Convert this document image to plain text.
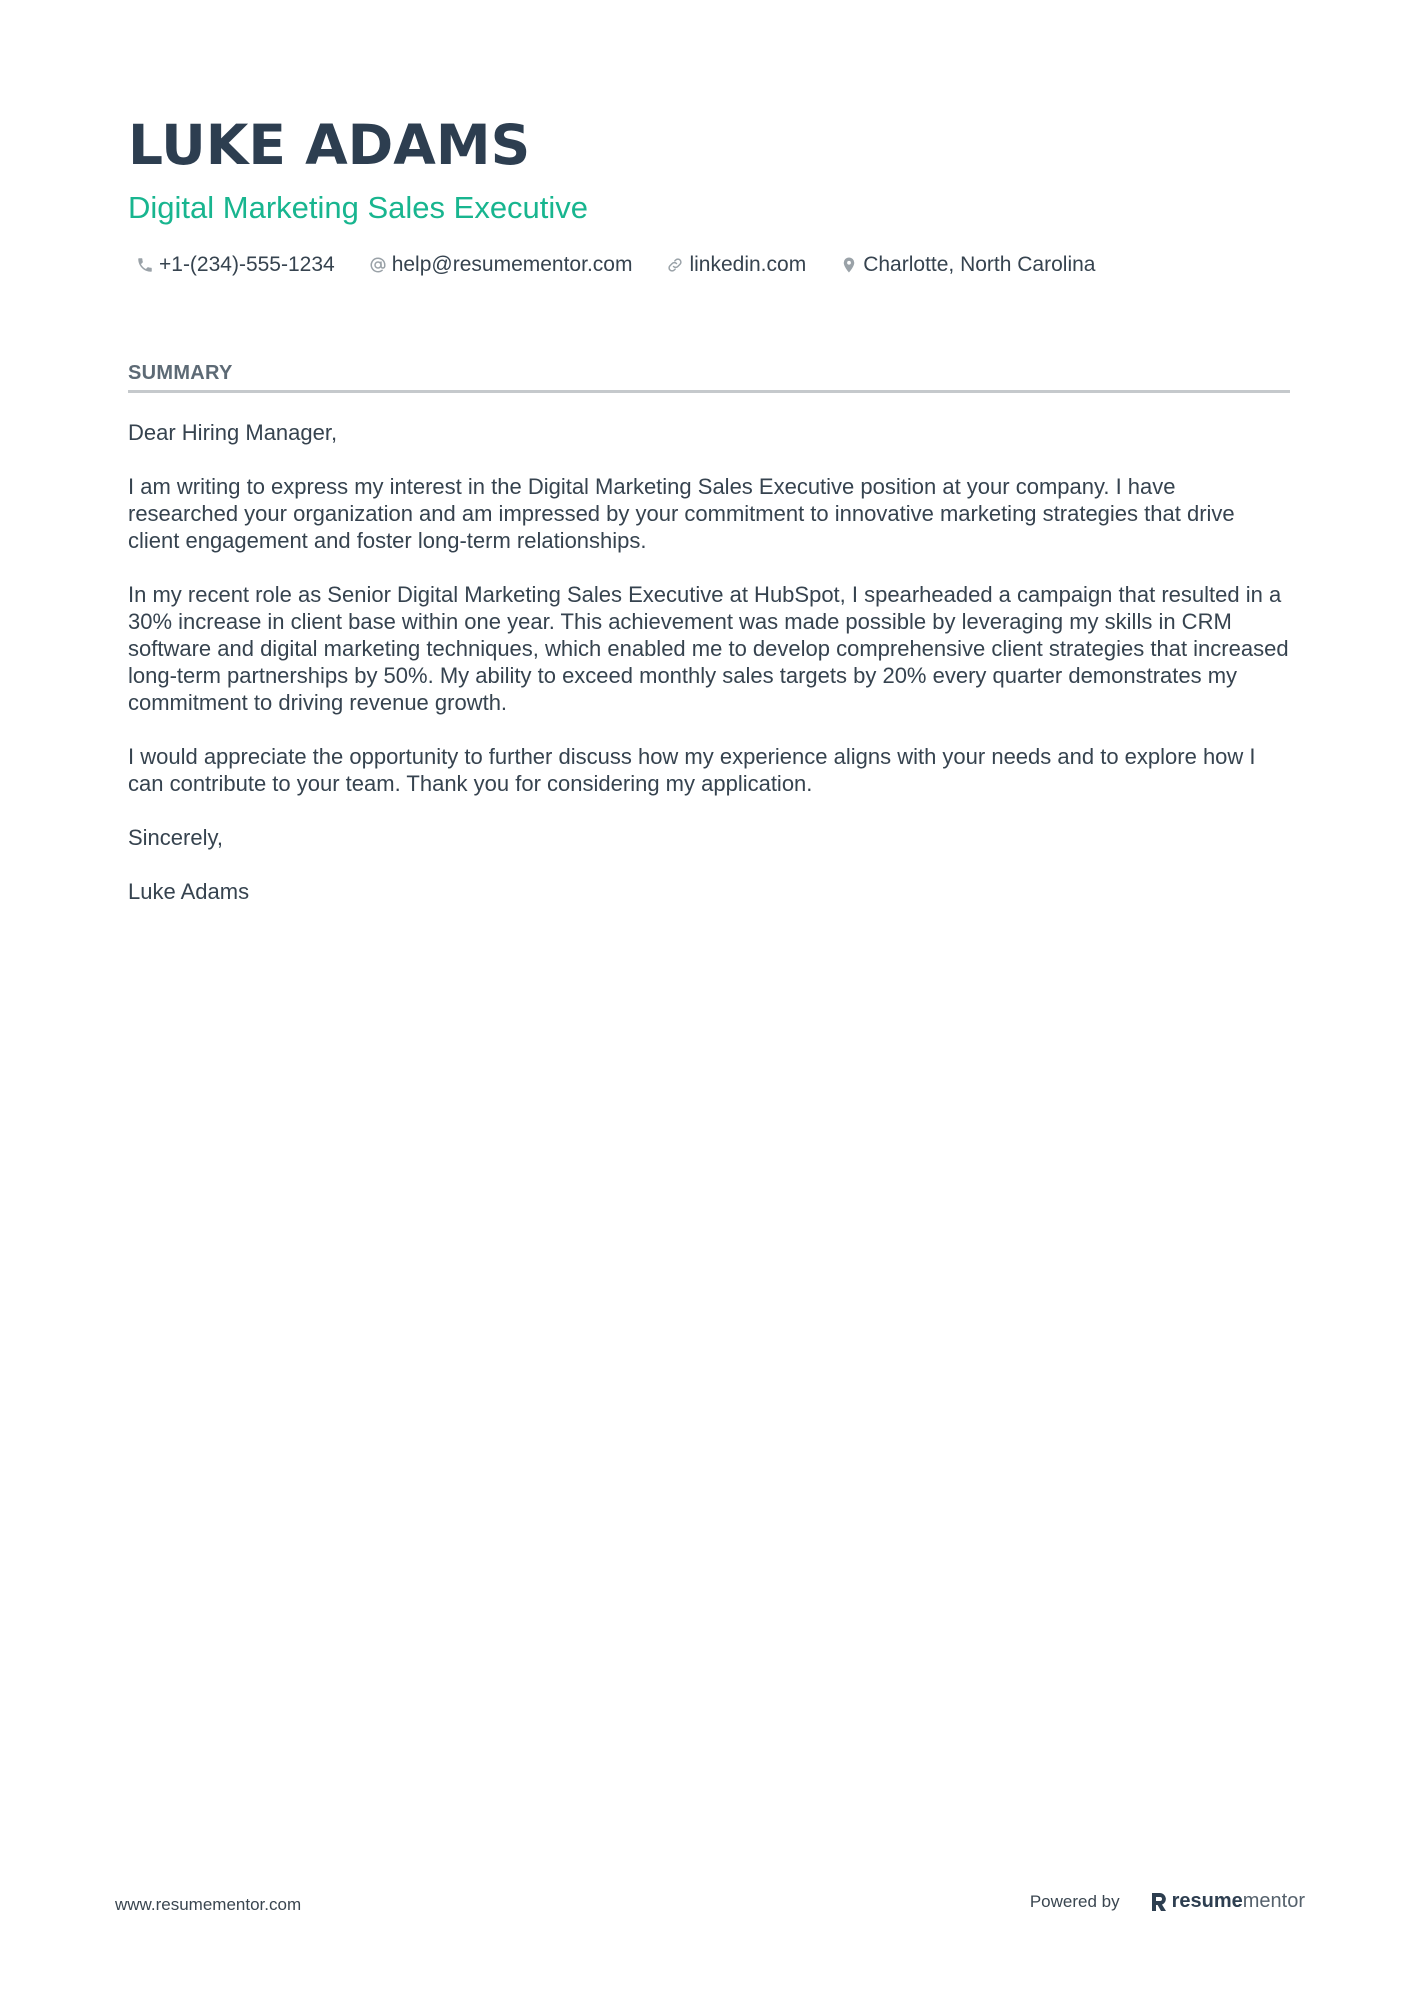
LUKE ADAMS
Digital Marketing Sales Executive
+1-(234)-555-1234	help@resumementor.com	linkedin.com	Charlotte, North Carolina
SUMMARY

Dear Hiring Manager,

I am writing to express my interest in the Digital Marketing Sales Executive position at your company. I have researched your organization and am impressed by your commitment to innovative marketing strategies that drive client engagement and foster long-term relationships.

In my recent role as Senior Digital Marketing Sales Executive at HubSpot, I spearheaded a campaign that resulted in a 30% increase in client base within one year. This achievement was made possible by leveraging my skills in CRM software and digital marketing techniques, which enabled me to develop comprehensive client strategies that increased long-term partnerships by 50%. My ability to exceed monthly sales targets by 20% every quarter demonstrates my commitment to driving revenue growth.

I would appreciate the opportunity to further discuss how my experience aligns with your needs and to explore how I can contribute to your team. Thank you for considering my application.

Sincerely,

Luke Adams

www.resumementor.com	Powered by	resume mentor
